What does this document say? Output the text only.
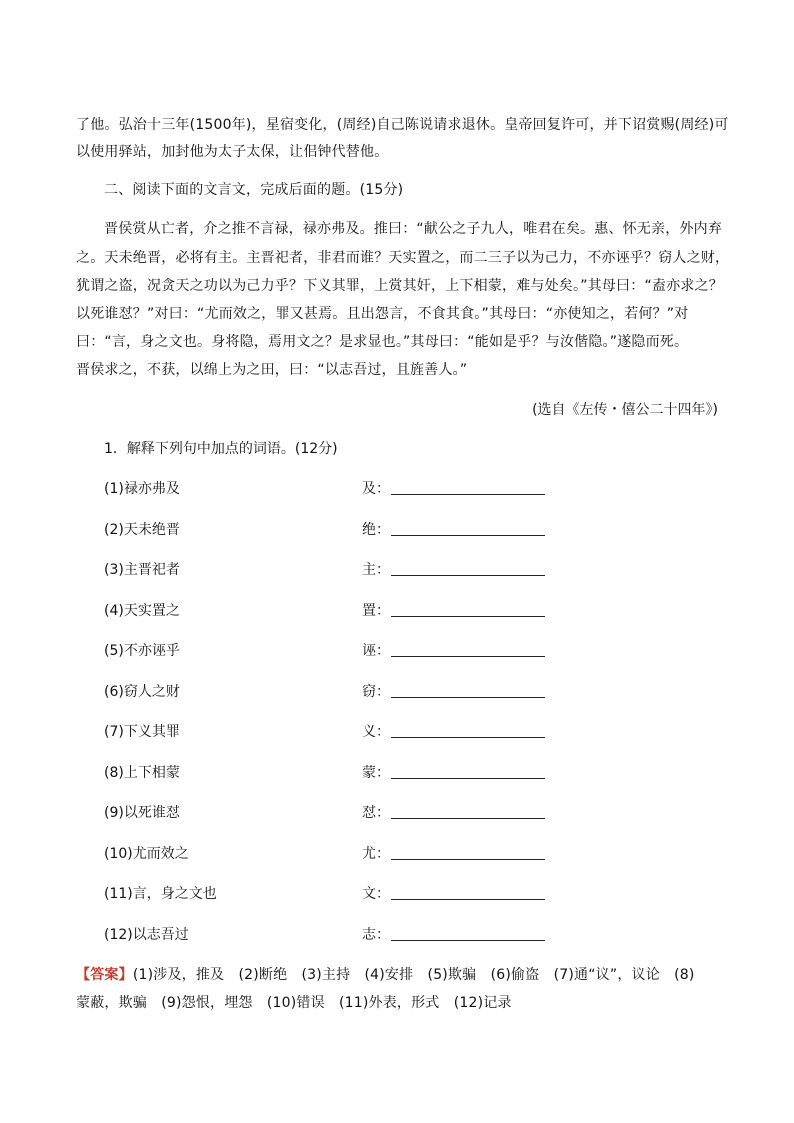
了他。弘治十三年(1500年)，星宿变化，(周经)自己陈说请求退休。皇帝回复许可，并下诏赏赐(周经)可
以使用驿站，加封他为太子太保，让佀钟代替他。
二、阅读下面的文言文，完成后面的题。(15分)
晋侯赏从亡者，介之推不言禄，禄亦弗及。推曰：“献公之子九人，唯君在矣。惠、怀无亲，外内弃
之。天未绝晋，必将有主。主晋祀者，非君而谁？天实置之，而二三子以为己力，不亦诬乎？窃人之财，
犹谓之盗，况贪天之功以为己力乎？下义其罪，上赏其奸，上下相蒙，难与处矣。”其母曰：“盍亦求之？
以死谁怼？”对曰：“尤而效之，罪又甚焉。且出怨言，不食其食。”其母曰：“亦使知之，若何？”对
曰：“言，身之文也。身将隐，焉用文之？是求显也。”其母曰：“能如是乎？与汝偕隐。”遂隐而死。
晋侯求之，不获，以绵上为之田，曰：“以志吾过，且旌善人。”
(选自《左传・僖公二十四年》)
1．解释下列句中加点的词语。(12分)
(1)禄亦弗及	及：
(2)天未绝晋	绝：
(3)主晋祀者	主：
(4)天实置之	置：
(5)不亦诬乎	诬：
(6)窃人之财	窃：
(7)下义其罪	义：
(8)上下相蒙	蒙：
(9)以死谁怼	怼：
(10)尤而效之	尤：
(11)言，身之文也	文：
(12)以志吾过	志：
【答案】(1)涉及，推及　(2)断绝　(3)主持　(4)安排　(5)欺骗　(6)偷盗　(7)通“议”，议论　(8)
蒙蔽，欺骗　(9)怨恨，埋怨　(10)错误　(11)外表，形式　(12)记录
